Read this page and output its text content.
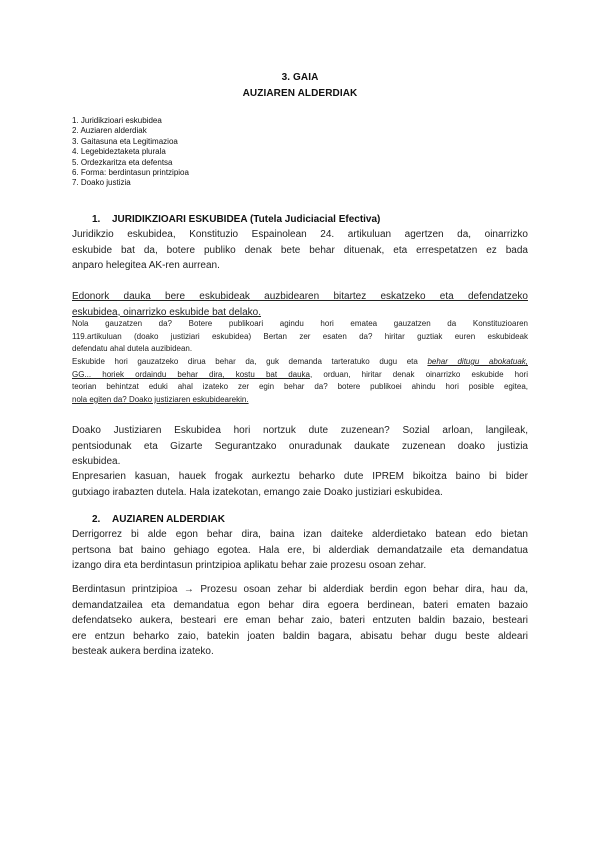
3. GAIA
AUZIAREN ALDERDIAK
1. Juridikzioari eskubidea
2. Auziaren alderdiak
3. Gaitasuna eta Legitimazioa
4. Legebideztaketa plurala
5. Ordezkaritza eta defentsa
6. Forma: berdintasun printzipioa
7. Doako justizia
1. JURIDIKZIOARI ESKUBIDEA (Tutela Judiciacial Efectiva)
Juridikzio eskubidea, Konstituzio Espainolean 24. artikuluan agertzen da, oinarrizko
eskubide bat da, botere publiko denak bete behar dituenak, eta errespetatzen ez bada
anparo helegitea AK-ren aurrean.
Edonork dauka bere eskubideak auzbidearen bitartez eskatzeko eta defendatzeko
eskubidea, oinarrizko eskubide bat delako.
Nola gauzatzen da? Botere publikoari agindu hori ematea gauzatzen da Konstituzioaren
119.artikuluan (doako justiziari eskubidea) Bertan zer esaten da? hiritar guztiak euren eskubideak
defendatu ahal dutela auzibidean.
Eskubide hori gauzatzeko dirua behar da, guk demanda tarteratuko dugu eta behar ditugu abokatuak,
GG... horiek ordaindu behar dira, kostu bat dauka, orduan, hiritar denak oinarrizko eskubide hori
teorian behintzat eduki ahal izateko zer egin behar da? botere publikoei ahindu hori posible egitea,
nola egiten da? Doako justiziaren eskubidearekin.
Doako Justiziaren Eskubidea hori nortzuk dute zuzenean? Sozial arloan, langileak,
pentsiodunak eta Gizarte Segurantzako onuradunak daukate zuzenean doako justizia
eskubidea.
Enpresarien kasuan, hauek frogak aurkeztu beharko dute IPREM bikoitza baino bi bider
gutxiago irabazten dutela. Hala izatekotan, emango zaie Doako justiziari eskubidea.
2. AUZIAREN ALDERDIAK
Derrigorrez bi alde egon behar dira, baina izan daiteke alderdietako batean edo bietan
pertsona bat baino gehiago egotea. Hala ere, bi alderdiak demandatzaile eta demandatua
izango dira eta berdintasun printzipioa aplikatu behar zaie prozesu osoan zehar.
Berdintasun printzipioa → Prozesu osoan zehar bi alderdiak berdin egon behar dira, hau da,
demandatzailea eta demandatua egon behar dira egoera berdinean, bateri ematen bazaio
defendatseko aukera, besteari ere eman behar zaio, bateri entzuten baldin bazaio, besteari
ere entzun beharko zaio, batekin joaten baldin bagara, abisatu behar dugu beste aldeari
besteak aukera berdina izateko.
